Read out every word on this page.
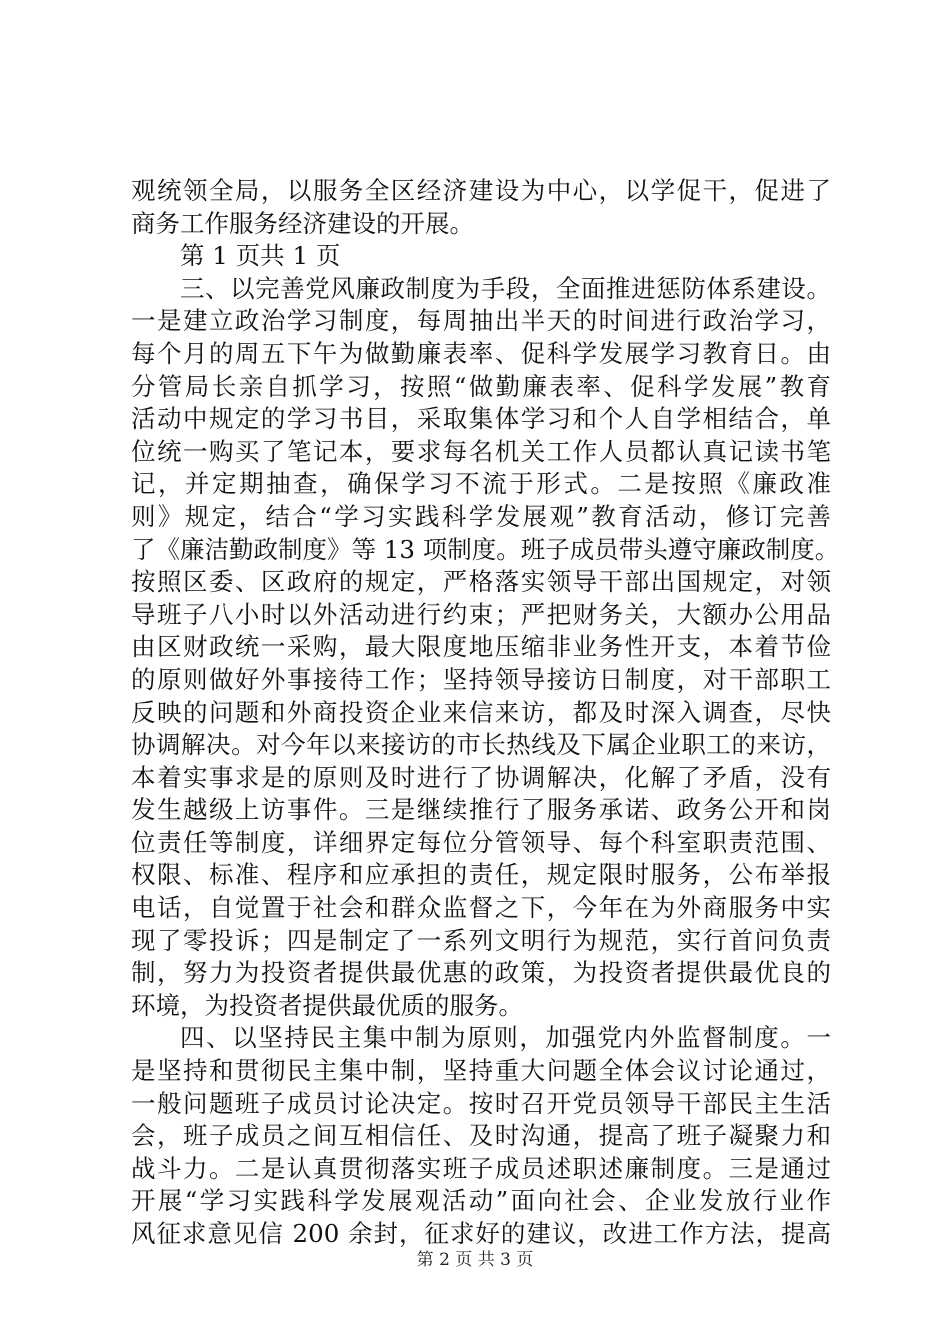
观统领全局，以服务全区经济建设为中心，以学促干，促进了
商务工作服务经济建设的开展。
第 1 页共 1 页
三、以完善党风廉政制度为手段，全面推进惩防体系建设。
一是建立政治学习制度，每周抽出半天的时间进行政治学习，
每个月的周五下午为做勤廉表率、促科学发展学习教育日。由
分管局长亲自抓学习，按照“做勤廉表率、促科学发展”教育
活动中规定的学习书目，采取集体学习和个人自学相结合，单
位统一购买了笔记本，要求每名机关工作人员都认真记读书笔
记，并定期抽查，确保学习不流于形式。二是按照《廉政准
则》规定，结合“学习实践科学发展观”教育活动，修订完善
了《廉洁勤政制度》等 13 项制度。班子成员带头遵守廉政制度。
按照区委、区政府的规定，严格落实领导干部出国规定，对领
导班子八小时以外活动进行约束；严把财务关，大额办公用品
由区财政统一采购，最大限度地压缩非业务性开支，本着节俭
的原则做好外事接待工作；坚持领导接访日制度，对干部职工
反映的问题和外商投资企业来信来访，都及时深入调查，尽快
协调解决。对今年以来接访的市长热线及下属企业职工的来访，
本着实事求是的原则及时进行了协调解决，化解了矛盾，没有
发生越级上访事件。三是继续推行了服务承诺、政务公开和岗
位责任等制度，详细界定每位分管领导、每个科室职责范围、
权限、标准、程序和应承担的责任，规定限时服务，公布举报
电话，自觉置于社会和群众监督之下，今年在为外商服务中实
现了零投诉；四是制定了一系列文明行为规范，实行首问负责
制，努力为投资者提供最优惠的政策，为投资者提供最优良的
环境，为投资者提供最优质的服务。
四、以坚持民主集中制为原则，加强党内外监督制度。一
是坚持和贯彻民主集中制，坚持重大问题全体会议讨论通过，
一般问题班子成员讨论决定。按时召开党员领导干部民主生活
会，班子成员之间互相信任、及时沟通，提高了班子凝聚力和
战斗力。二是认真贯彻落实班子成员述职述廉制度。三是通过
开展“学习实践科学发展观活动”面向社会、企业发放行业作
风征求意见信 200 余封，征求好的建议，改进工作方法，提高
第 2 页 共 3 页
